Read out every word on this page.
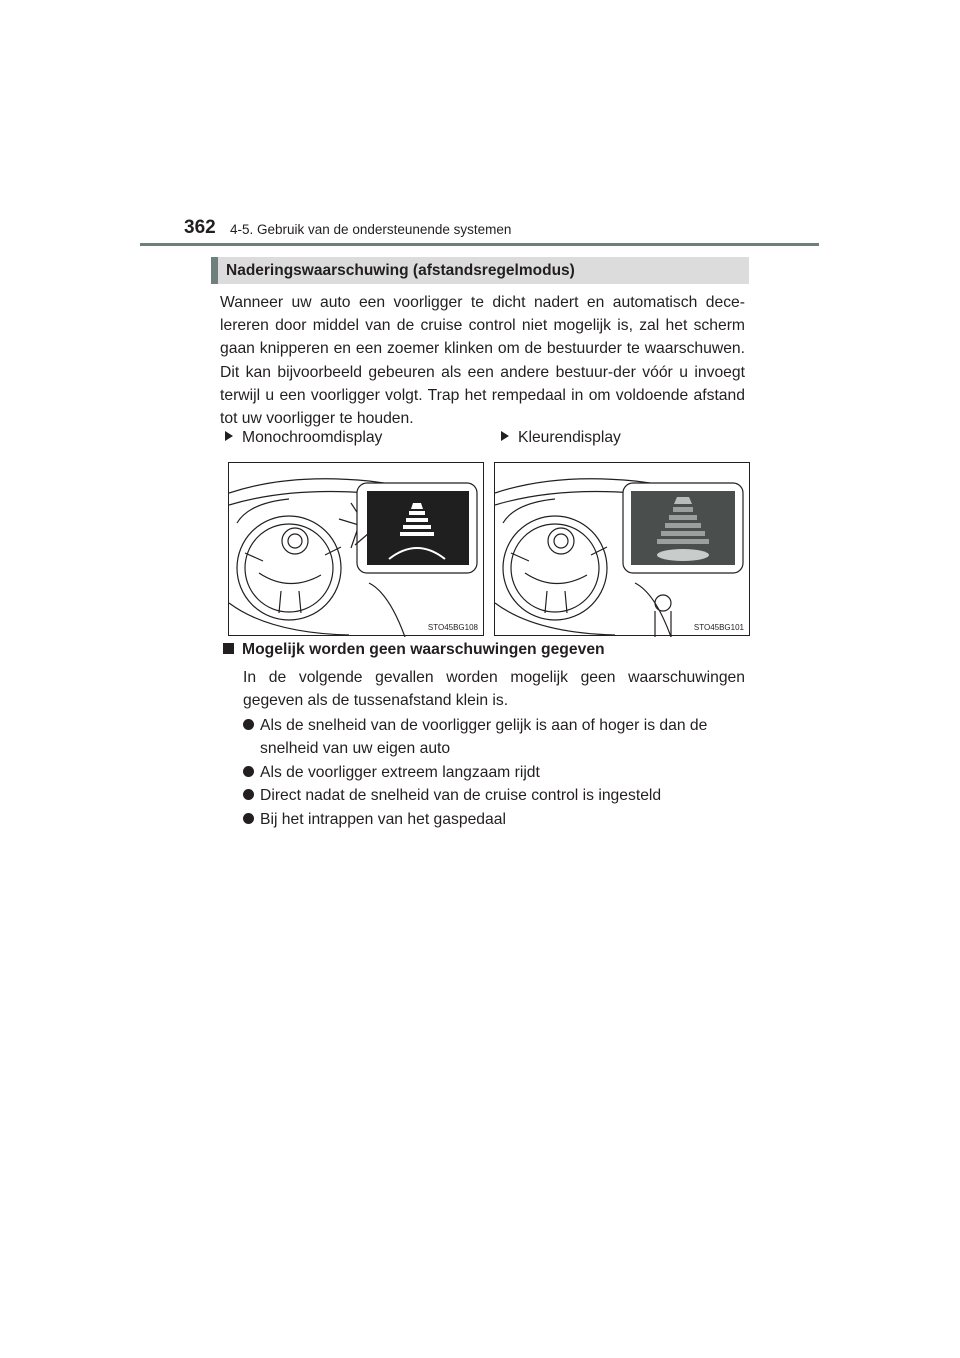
362 4-5. Gebruik van de ondersteunende systemen
Naderingswaarschuwing (afstandsregelmodus)

Wanneer uw auto een voorligger te dicht nadert en automatisch dece-lereren door middel van de cruise control niet mogelijk is, zal het scherm gaan knipperen en een zoemer klinken om de bestuurder te waarschuwen. Dit kan bijvoorbeeld gebeuren als een andere bestuur-der vóór u invoegt terwijl u een voorligger volgt. Trap het rempedaal in om voldoende afstand tot uw voorligger te houden.

Monochroomdisplay	Kleurendisplay
STO45BG108	STO45BG101
Mogelijk worden geen waarschuwingen gegeven

In de volgende gevallen worden mogelijk geen waarschuwingen gegeven als de tussenafstand klein is.

Als de snelheid van de voorligger gelijk is aan of hoger is dan de snelheid van uw eigen auto
Als de voorligger extreem langzaam rijdt
Direct nadat de snelheid van de cruise control is ingesteld
Bij het intrappen van het gaspedaal
